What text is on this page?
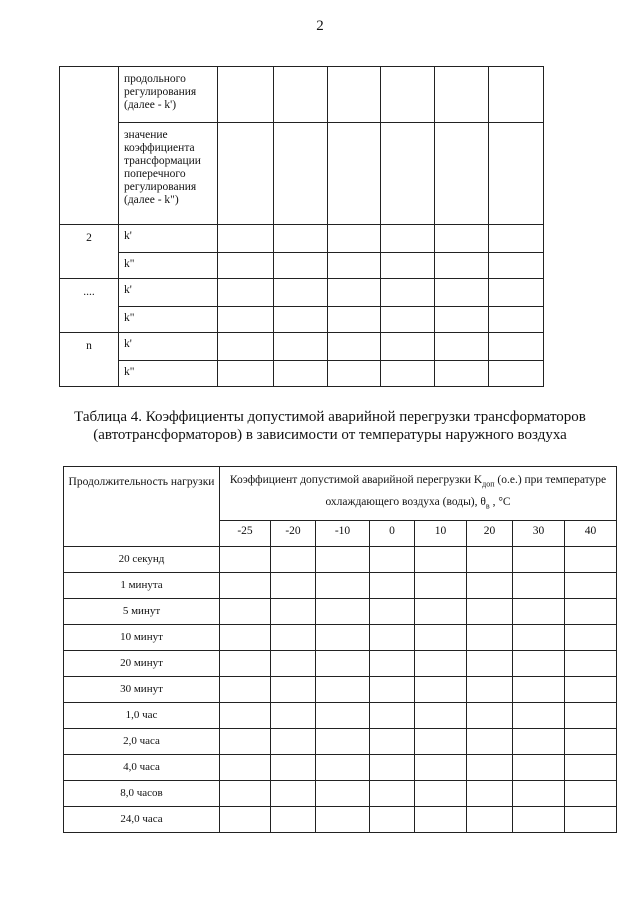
2
	продольного регулирования (далее - k')						
	значение коэффициента трансформации поперечного регулирования (далее - k")						
2	k'						
	k"						
....	k'						
	k"						
n	k'						
	k"						
Таблица 4. Коэффициенты допустимой аварийной перегрузки трансформаторов
(автотрансформаторов) в зависимости от температуры наружного воздуха
Продолжительность нагрузки	Коэффициент допустимой аварийной перегрузки $K_{доп}$ (о.е.) при температуре охлаждающего воздуха (воды), $\theta_в$ , °С							
	-25	-20	-10	0	10	20	30	40
20 секунд								
1 минута								
5 минут								
10 минут								
20 минут								
30 минут								
1,0 час								
2,0 часа								
4,0 часа								
8,0 часов								
24,0 часа								
